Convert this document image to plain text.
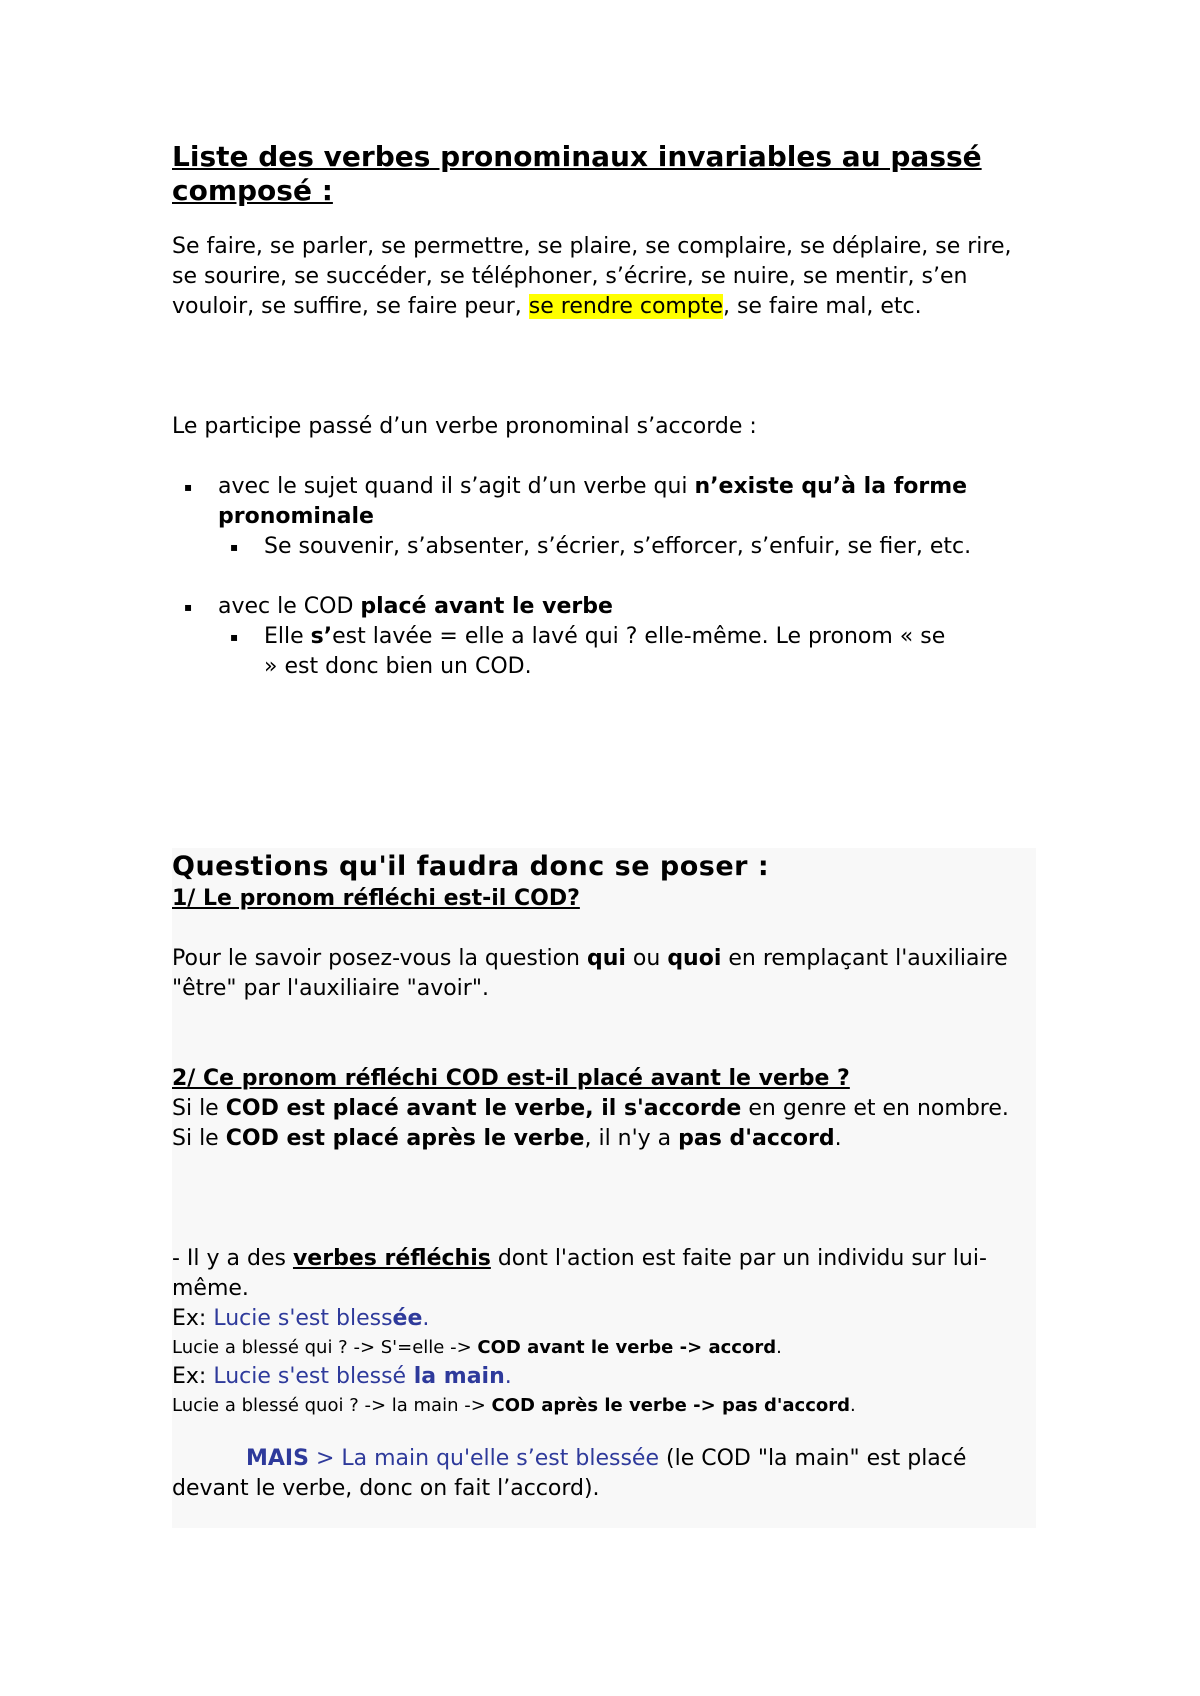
Liste des verbes pronominaux invariables au passé composé :

Se faire, se parler, se permettre, se plaire, se complaire, se déplaire, se rire, se sourire, se succéder, se téléphoner, s’écrire, se nuire, se mentir, s’en vouloir, se suffire, se faire peur, se rendre compte, se faire mal, etc.

Le participe passé d’un verbe pronominal s’accorde :

▪ avec le sujet quand il s’agit d’un verbe qui n’existe qu’à la forme pronominale
▪ Se souvenir, s’absenter, s’écrier, s’efforcer, s’enfuir, se fier, etc.
▪ avec le COD placé avant le verbe
▪ Elle s’est lavée = elle a lavé qui ? elle-même. Le pronom « se » est donc bien un COD.
Questions qu'il faudra donc se poser :
1/ Le pronom réfléchi est-il COD?

Pour le savoir posez-vous la question qui ou quoi en remplaçant l'auxiliaire "être" par l'auxiliaire "avoir".

2/ Ce pronom réfléchi COD est-il placé avant le verbe ?

Si le COD est placé avant le verbe, il s'accorde en genre et en nombre.

Si le COD est placé après le verbe, il n'y a pas d'accord.

- Il y a des verbes réfléchis dont l'action est faite par un individu sur lui-même.

Ex: Lucie s'est blessée.

Lucie a blessé qui ? -> S'=elle -> COD avant le verbe -> accord.

Ex: Lucie s'est blessé la main.

Lucie a blessé quoi ? -> la main -> COD après le verbe -> pas d'accord.

MAIS > La main qu'elle s’est blessée (le COD "la main" est placé devant le verbe, donc on fait l’accord).
